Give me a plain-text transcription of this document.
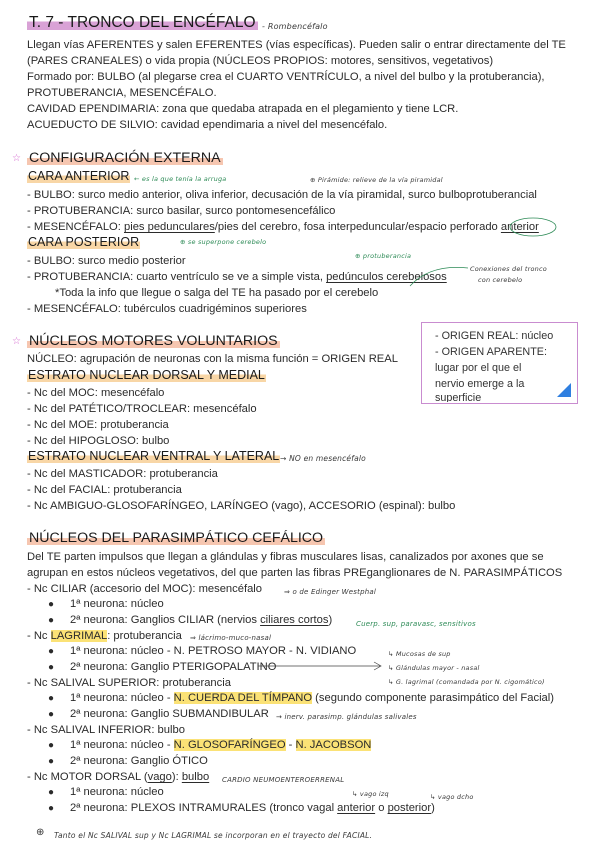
T. 7 - TRONCO DEL ENCÉFALO - Rombencéfalo
Llegan vías AFERENTES y salen EFERENTES (vías específicas). Pueden salir o entrar directamente del TE
(PARES CRANEALES) o vida propia (NÚCLEOS PROPIOS: motores, sensitivos, vegetativos)
Formado por: BULBO (al plegarse crea el CUARTO VENTRÍCULO, a nivel del bulbo y la protuberancia),
PROTUBERANCIA, MESENCÉFALO.
CAVIDAD EPENDIMARIA: zona que quedaba atrapada en el plegamiento y tiene LCR.
ACUEDUCTO DE SILVIO: cavidad ependimaria a nivel del mesencéfalo.
☆ CONFIGURACIÓN EXTERNA
CARA ANTERIOR ← es la que tenía la arruga	⊕ Pirámide: relieve de la vía piramidal
- BULBO: surco medio anterior, oliva inferior, decusación de la vía piramidal, surco bulboprotuberancial
- PROTUBERANCIA: surco basilar, surco pontomesencefálico
- MESENCÉFALO: pies pedunculares/pies del cerebro, fosa interpeduncular/espacio perforado anterior
CARA POSTERIOR	⊕ se superpone cerebelo
⊕ protuberancia
Conexiones del tronco
con cerebelo
- BULBO: surco medio posterior
- PROTUBERANCIA: cuarto ventrículo se ve a simple vista, pedúnculos cerebelosos
*Toda la info que llegue o salga del TE ha pasado por el cerebelo
- MESENCÉFALO: tubérculos cuadrigéminos superiores
☆ NÚCLEOS MOTORES VOLUNTARIOS
NÚCLEO: agrupación de neuronas con la misma función = ORIGEN REAL
ESTRATO NUCLEAR DORSAL Y MEDIAL
- Nc del MOC: mesencéfalo
- Nc del PATÉTICO/TROCLEAR: mesencéfalo
- Nc del MOE: protuberancia
- Nc del HIPOGLOSO: bulbo
ESTRATO NUCLEAR VENTRAL Y LATERAL → NO en mesencéfalo
- Nc del MASTICADOR: protuberancia
- Nc del FACIAL: protuberancia
- Nc AMBIGUO-GLOSOFARÍNGEO, LARÍNGEO (vago), ACCESORIO (espinal): bulbo
- ORIGEN REAL: núcleo
- ORIGEN APARENTE:
lugar por el que el
nervio emerge a la
superficie
NÚCLEOS DEL PARASIMPÁTICO CEFÁLICO
Del TE parten impulsos que llegan a glándulas y fibras musculares lisas, canalizados por axones que se
agrupan en estos núcleos vegetativos, del que parten las fibras PREganglionares de N. PARASIMPÁTICOS
- Nc CILIAR (accesorio del MOC): mesencéfalo	⇒ o de Edinger Westphal
● 1ª neurona: núcleo
● 2ª neurona: Ganglios CILIAR (nervios ciliares cortos)	Cuerp. sup, paravasc, sensitivos
- Nc LAGRIMAL: protuberancia ⇒ lácrimo-muco-nasal
● 1ª neurona: núcleo - N. PETROSO MAYOR - N. VIDIANO
● 2ª neurona: Ganglio PTERIGOPALATINO
↳ Mucosas de sup
↳ Glándulas mayor - nasal
↳ G. lagrimal (comandada por N. cigomático)
- Nc SALIVAL SUPERIOR: protuberancia
● 1ª neurona: núcleo - N. CUERDA DEL TÍMPANO (segundo componente parasimpático del Facial)
● 2ª neurona: Ganglio SUBMANDIBULAR → inerv. parasimp. glándulas salivales
- Nc SALIVAL INFERIOR: bulbo
● 1ª neurona: núcleo - N. GLOSOFARÍNGEO - N. JACOBSON
● 2ª neurona: Ganglio ÓTICO
- Nc MOTOR DORSAL (vago): bulbo CARDIO NEUMOENTEROERRENAL
● 1ª neurona: núcleo	↳ vago izq	↳ vago dcho
● 2ª neurona: PLEXOS INTRAMURALES (tronco vagal anterior o posterior)
⊕ Tanto el Nc SALIVAL sup y Nc LAGRIMAL se incorporan en el trayecto del FACIAL.
